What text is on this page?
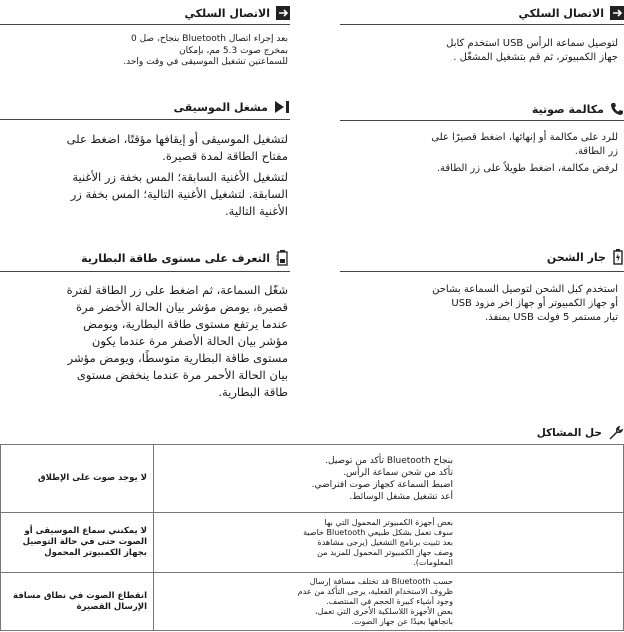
الاتصال السلكي
لتوصيل سماعة الرأس USB استخدم كابل
جهاز الكمبيوتر، ثم قم بتشغيل المشغّل .
مكالمة صوتية
للرد على مكالمة أو إنهائها، اضغط قصيرًا على
زر الطاقة.
لرفض مكالمة، اضغط طويلاً على زر الطاقة.
جار الشحن
استخدم كبل الشحن لتوصيل السماعة بشاحن
أو جهاز الكمبيوتر أو جهاز اخر مزود USB
تيار مستمر 5 فولت USB بمنفذ.
الاتصال السلكي
بعد إجراء اتصال Bluetooth بنجاح، صل 0
بمخرج صوت 5.3 مم، بإمكان
للسماعتين تشغيل الموسيقى في وقت واحد.
مشغل الموسيقى
لتشغيل الموسيقى أو إيقافها مؤقتًا، اضغط على
مفتاح الطاقة لمدة قصيرة.
لتشغيل الأغنية السابقة؛ المس بخفة زر الأغنية
السابقة. لتشغيل الأغنية التالية؛ المس بخفة زر
الأغنية التالية.
التعرف على مستوى طاقة البطارية
شغّل السماعة، ثم اضغط على زر الطاقة لفترة
قصيرة، يومض مؤشر بيان الحالة الأخضر مرة
عندما يرتفع مستوى طاقة البطارية، ويومض
مؤشر بيان الحالة الأصفر مرة عندما يكون
مستوى طاقة البطارية متوسطًا، ويومض مؤشر
بيان الحالة الأحمر مرة عندما ينخفض مستوى
طاقة البطارية.
حل المشاكل
لا يوجد صوت على الإطلاق	بنجاح Bluetooth تأكد من توصيل.
تأكد من شحن سماعة الرأس.
اضبط السماعة كجهاز صوت افتراضي.
أعد تشغيل مشغل الوسائط.

لا يمكنني سماع الموسيقى أو الصوت حتى في حالة التوصيل بجهاز الكمبيوتر المحمول	بعض أجهزة الكمبيوتر المحمول التي بها
سوف تعمل بشكل طبيعي Bluetooth خاصية
بعد تثبيت برنامج التشغيل (يرجى مشاهدة
وصف جهاز الكمبيوتر المحمول للمزيد من
المعلومات).

انقطاع الصوت في نطاق مسافة الإرسال القصيرة	حسب Bluetooth قد تختلف مسافة إرسال
ظروف الاستخدام الفعلية، يرجى التأكد من عدم
وجود أشياء كبيرة الحجم في المنتصف.
بعض الأجهزة اللاسلكية الأخرى التي تعمل،
باتجاهها بعيدًا عن جهاز الصوت.
